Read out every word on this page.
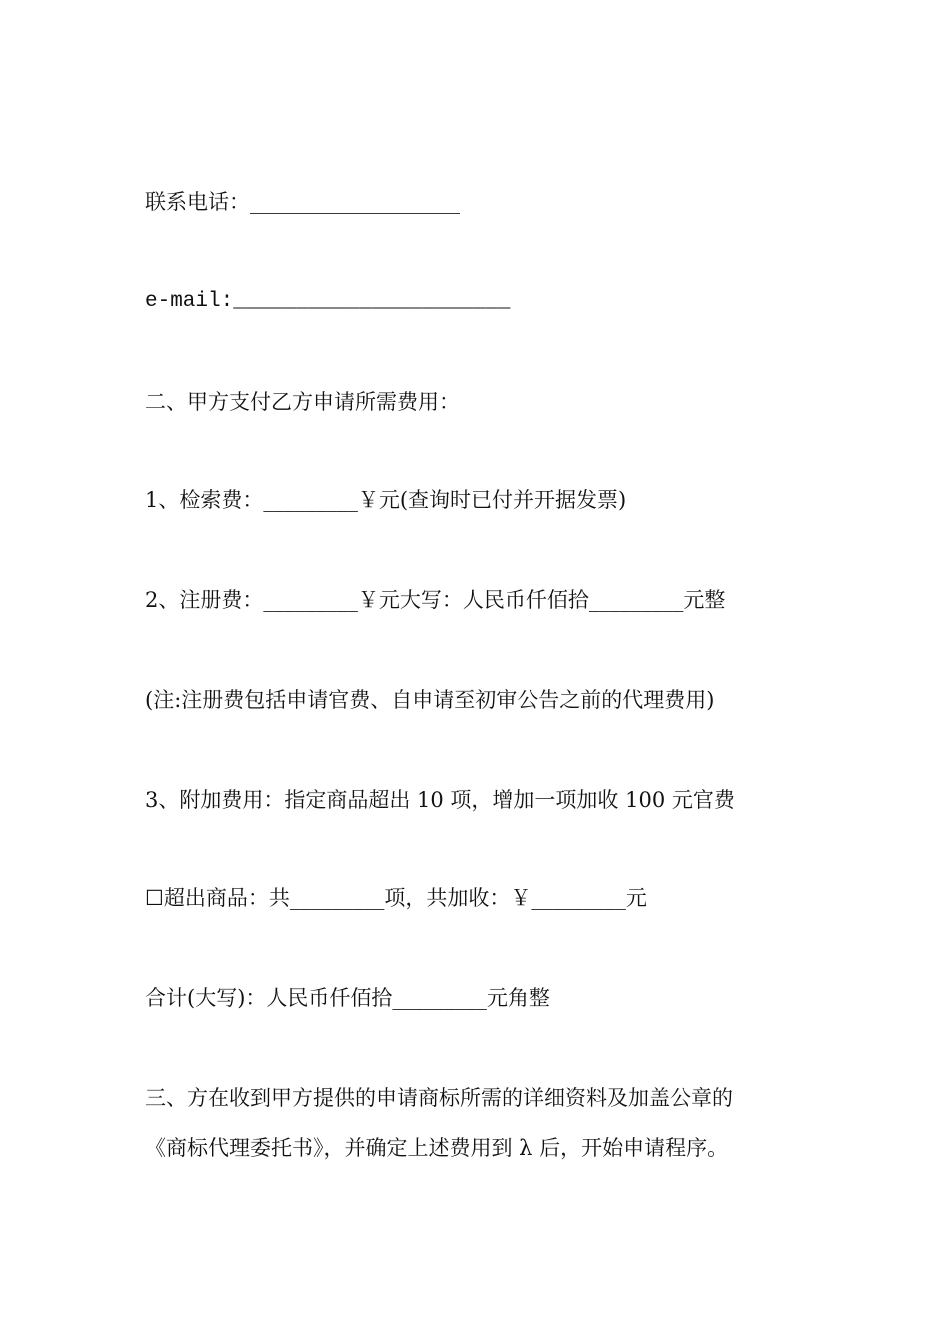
联系电话：____________________
e-mail:______________________
二、甲方支付乙方申请所需费用：
1、检索费：_________￥元(查询时已付并开据发票)
2、注册费：_________￥元大写：人民币仟佰拾_________元整
(注:注册费包括申请官费、自申请至初审公告之前的代理费用)
3、附加费用：指定商品超出 10 项，增加一项加收 100 元官费
☐超出商品：共_________项，共加收：￥_________元
合计(大写)：人民币仟佰拾_________元角整
三、方在收到甲方提供的申请商标所需的详细资料及加盖公章的
《商标代理委托书》，并确定上述费用到 λ 后，开始申请程序。
